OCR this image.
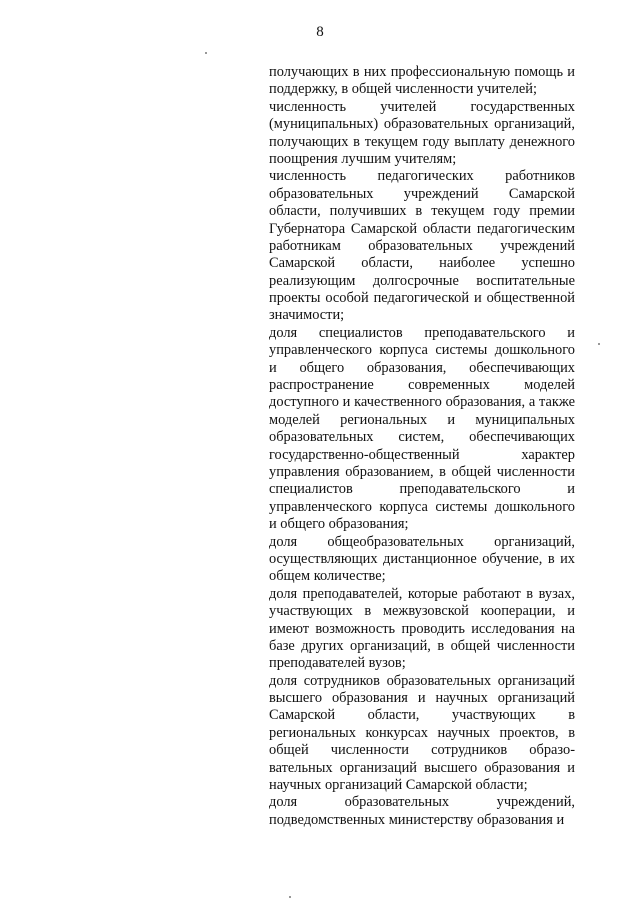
8
получающих в них профессиональную помощь и
поддержку, в общей численности учителей;
численность учителей государственных
(муниципальных) образовательных организаций,
получающих в текущем году выплату денежного
поощрения лучшим учителям;
численность педагогических работников
образовательных учреждений Самарской
области, получивших в текущем году премии
Губернатора Самарской области педагогическим
работникам образовательных учреждений
Самарской области, наиболее успешно
реализующим долгосрочные воспитательные
проекты особой педагогической и общественной
значимости;
доля специалистов преподавательского и
управленческого корпуса системы дошкольного
и общего образования, обеспечивающих
распространение современных моделей
доступного и качественного образования, а также
моделей региональных и муниципальных
образовательных систем, обеспечивающих
государственно-общественный характер
управления образованием, в общей численности
специалистов преподавательского и
управленческого корпуса системы дошкольного
и общего образования;
доля общеобразовательных организаций,
осуществляющих дистанционное обучение, в их
общем количестве;
доля преподавателей, которые работают в вузах,
участвующих в межвузовской кооперации, и
имеют возможность проводить исследования на
базе других организаций, в общей численности
преподавателей вузов;
доля сотрудников образовательных организаций
высшего образования и научных организаций
Самарской области, участвующих в
региональных конкурсах научных проектов, в
общей численности сотрудников образо-
вательных организаций высшего образования и
научных организаций Самарской области;
доля образовательных учреждений,
подведомственных министерству образования и
